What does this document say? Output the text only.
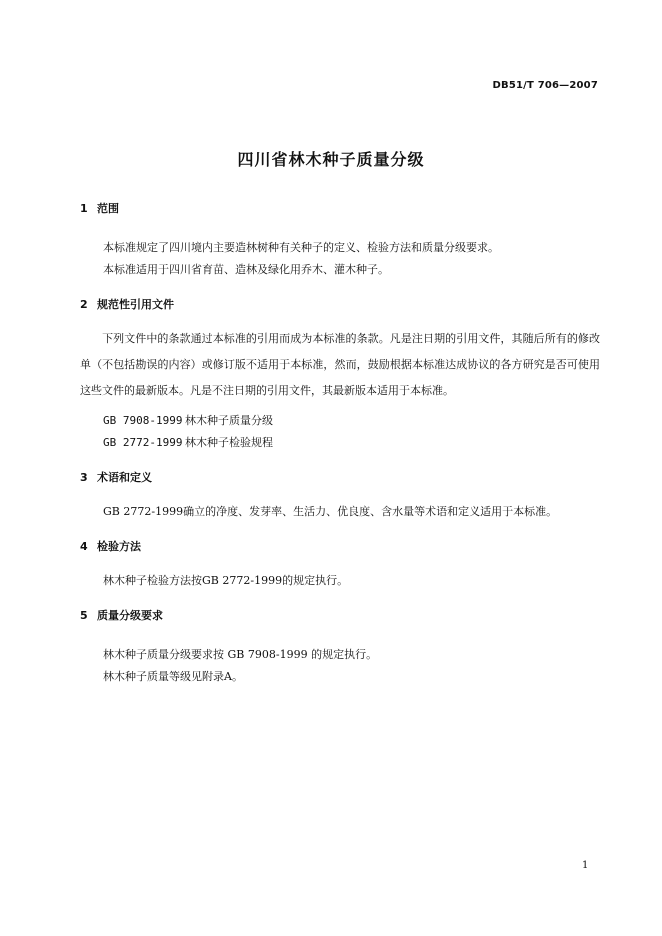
DB51/T 706—2007
四川省林木种子质量分级
1 范围
本标准规定了四川境内主要造林树种有关种子的定义、检验方法和质量分级要求。
本标准适用于四川省育苗、造林及绿化用乔木、灌木种子。
2 规范性引用文件
下列文件中的条款通过本标准的引用而成为本标准的条款。凡是注日期的引用文件，其随后所有的修改单（不包括勘误的内容）或修订版不适用于本标准，然而，鼓励根据本标准达成协议的各方研究是否可使用这些文件的最新版本。凡是不注日期的引用文件，其最新版本适用于本标准。
GB 7908-1999 林木种子质量分级
GB 2772-1999 林木种子检验规程
3 术语和定义
GB 2772-1999确立的净度、发芽率、生活力、优良度、含水量等术语和定义适用于本标准。
4 检验方法
林木种子检验方法按GB 2772-1999的规定执行。
5 质量分级要求
林木种子质量分级要求按 GB 7908-1999 的规定执行。
林木种子质量等级见附录A。
1
